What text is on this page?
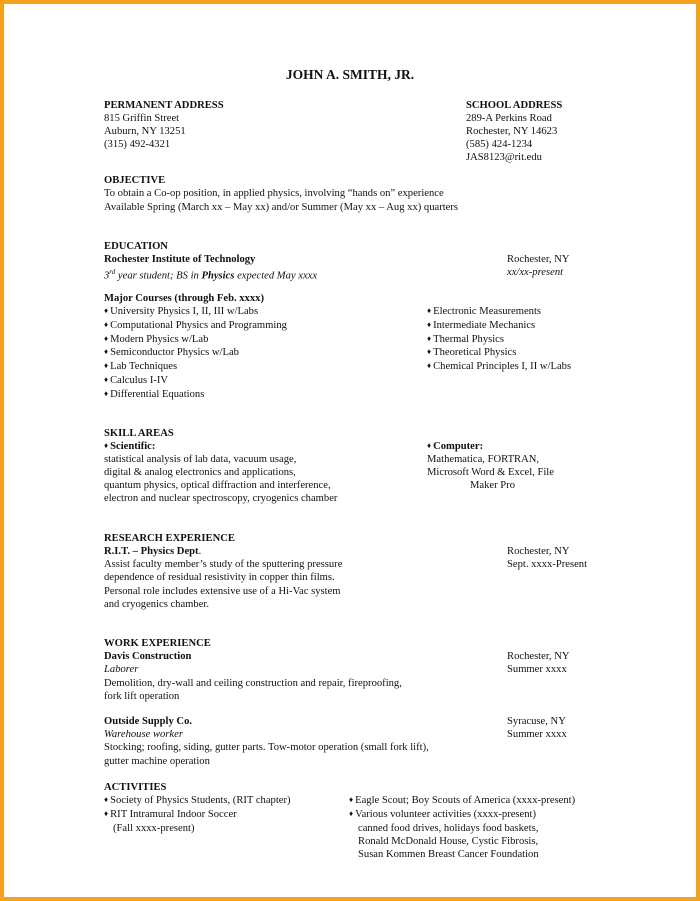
JOHN A. SMITH, JR.
PERMANENT ADDRESS
815 Griffin Street
Auburn, NY 13251
(315) 492-4321
SCHOOL ADDRESS
289-A Perkins Road
Rochester, NY 14623
(585) 424-1234
JAS8123@rit.edu
OBJECTIVE
To obtain a Co-op position, in applied physics, involving “hands on” experience
Available Spring (March xx – May xx) and/or Summer (May xx – Aug xx) quarters
EDUCATION
Rochester Institute of Technology	Rochester, NY
3rd year student; BS in Physics expected May xxxx	xx/xx-present
Major Courses (through Feb. xxxx)
♦ University Physics I, II, III w/Labs
♦ Computational Physics and Programming
♦ Modern Physics w/Lab
♦ Semiconductor Physics w/Lab
♦ Lab Techniques
♦ Calculus I-IV
♦ Differential Equations
♦ Electronic Measurements
♦ Intermediate Mechanics
♦ Thermal Physics
♦ Theoretical Physics
♦ Chemical Principles I, II w/Labs
SKILL AREAS
♦ Scientific:
statistical analysis of lab data, vacuum usage,
digital & analog electronics and applications,
quantum physics, optical diffraction and interference,
electron and nuclear spectroscopy, cryogenics chamber
♦ Computer:
Mathematica, FORTRAN,
Microsoft Word & Excel, File
Maker Pro
RESEARCH EXPERIENCE
R.I.T. – Physics Dept.	Rochester, NY
Sept. xxxx-Present
Assist faculty member’s study of the sputtering pressure
dependence of residual resistivity in copper thin films.
Personal role includes extensive use of a Hi-Vac system
and cryogenics chamber.
WORK EXPERIENCE
Davis Construction	Rochester, NY
Laborer	Summer xxxx
Demolition, dry-wall and ceiling construction and repair, fireproofing,
fork lift operation
Outside Supply Co.	Syracuse, NY
Warehouse worker	Summer xxxx
Stocking; roofing, siding, gutter parts. Tow-motor operation (small fork lift),
gutter machine operation
ACTIVITIES
♦ Society of Physics Students, (RIT chapter)
♦ RIT Intramural Indoor Soccer
(Fall xxxx-present)
♦ Eagle Scout; Boy Scouts of America (xxxx-present)
♦ Various volunteer activities (xxxx-present)
canned food drives, holidays food baskets,
Ronald McDonald House, Cystic Fibrosis,
Susan Kommen Breast Cancer Foundation
